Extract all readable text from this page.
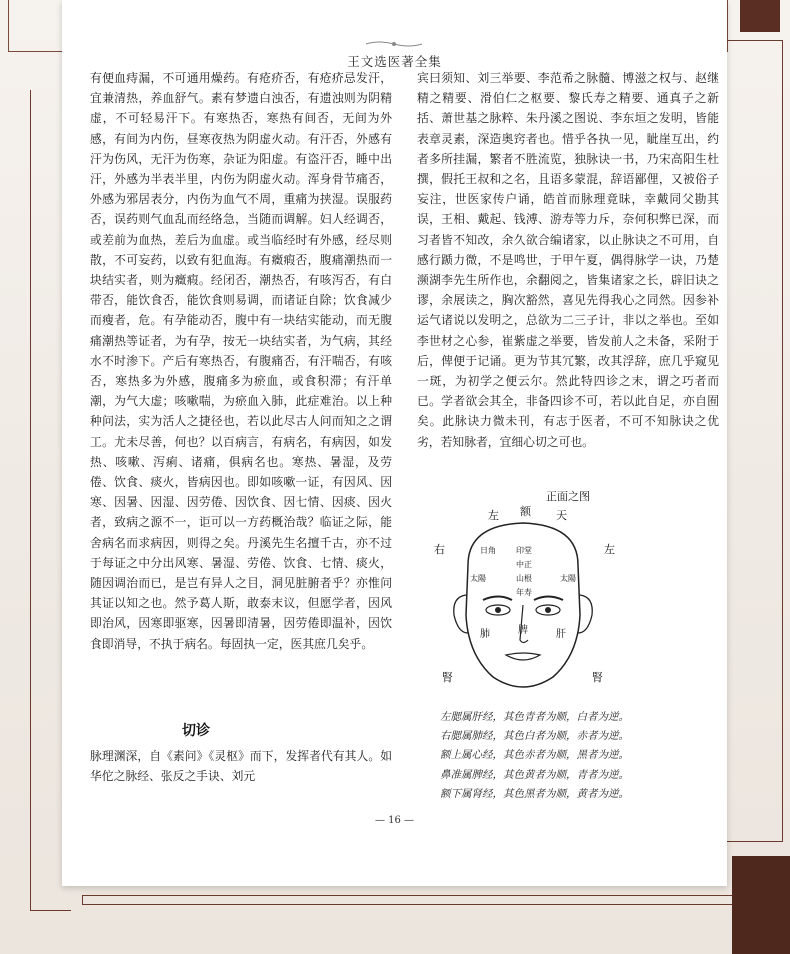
王文选医著全集
— 16 —

有便血痔漏，不可通用燥药。有疮疥否，有疮疥忌发汗，宜兼清热，养血舒气。素有梦遗白浊否，有遗浊则为阴精虚，不可轻易汗下。有寒热否，寒热有间否，无间为外感，有间为内伤，昼寒夜热为阴虚火动。有汗否，外感有汗为伤风，无汗为伤寒，杂证为阳虚。有盗汗否，睡中出汗，外感为半表半里，内伤为阴虚火动。浑身骨节痛否，外感为邪居表分，内伤为血气不周，重痛为挟湿。误服药否，误药则气血乱而经络急，当随而调解。妇人经调否，或差前为血热，差后为血虚。或当临经时有外感，经尽则散，不可妄药，以致有犯血海。有癥瘕否，腹痛潮热而一块结实者，则为癥瘕。经闭否，潮热否，有咳泻否，有白带否，能饮食否，能饮食则易调，而诸证自除；饮食减少而瘦者，危。有孕能动否，腹中有一块结实能动，而无腹痛潮热等证者，为有孕，按无一块结实者，为气病，其经水不时渗下。产后有寒热否，有腹痛否，有汗喘否，有咳否，寒热多为外感，腹痛多为瘀血，或食积滞；有汗单潮，为气大虚；咳嗽喘，为瘀血入肺，此症难治。以上种种问法，实为活人之捷径也，若以此尽古人问而知之之谓工。尤未尽善，何也？以百病言，有病名，有病因，如发热、咳嗽、泻痢、诸痛，俱病名也。寒热、暑湿，及劳倦、饮食、痰火，皆病因也。即如咳嗽一证，有因风、因寒、因暑、因湿、因劳倦、因饮食、因七情、因痰、因火者，致病之源不一，讵可以一方药概治哉？临证之际，能舍病名而求病因，则得之矣。丹溪先生名擅千古，亦不过于每证之中分出风寒、暑湿、劳倦、饮食、七情、痰火，随因调治而已，是岂有异人之目，洞见脏腑者乎？亦惟问其证以知之也。然予葛人斯，敢泰末议，但愿学者，因风即治风，因寒即驱寒，因暑即清暑，因劳倦即温补，因饮食即消导，不执于病名。每固执一定，医其庶几矣乎。

切诊
脉理渊深，自《素问》《灵枢》而下，发挥者代有其人。如华佗之脉经、张反之手诀、刘元

宾曰须知、刘三举要、李范希之脉髓、博滋之权与、赵继精之精要、滑伯仁之枢要、黎氏寿之精要、通真子之新括、萧世基之脉粹、朱丹溪之图说、李东垣之发明，皆能表章灵素，深造奥窍者也。惜乎各执一见，眦崖互出，约者多所挂漏，繁者不胜流览，独脉诀一书，乃宋高阳生杜撰，假托王叔和之名，且语多蒙混，辞语鄙俚，又被俗子妄注，世医家传户诵，皓首而脉理竟昧，幸戴同父勘其误，王相、戴起、钱溥、游寿等力斥，奈何积弊已深，而习者皆不知改，余久欲合编诸家，以止脉诀之不可用，自感行踬力微，不是鸣世，于甲午夏，偶得脉学一诀，乃楚濒湖李先生所作也，余翻阅之，皆集诸家之长，辟旧诀之谬，余展读之，胸次豁然，喜见先得我心之同然。因参补运气诸说以发明之，总欲为二三子计，非以之举也。至如李世材之心参，崔紫虚之举要，皆发前人之未备，采附于后，俾便于记诵。更为节其冗繁，改其浮辞，庶几乎窥见一斑，为初学之便云尔。然此特四诊之末，谓之巧者而已。学者欲会其全，非备四诊不可，若以此自足，亦自囿矣。此脉诀力微未刊，有志于医者，不可不知脉诀之优劣，若知脉者，宜细心切之可也。

正面之图
左 额 天
右	左
日角	印堂
中正
山根
年寿
太陽	太陽
肺	肝
脾
腎	腎
左腮属肝经，其色青者为顺，白者为逆。
右腮属肺经，其色白者为顺，赤者为逆。
额上属心经，其色赤者为顺，黑者为逆。
鼻准属脾经，其色黄者为顺，青者为逆。
额下属肾经，其色黑者为顺，黄者为逆。
